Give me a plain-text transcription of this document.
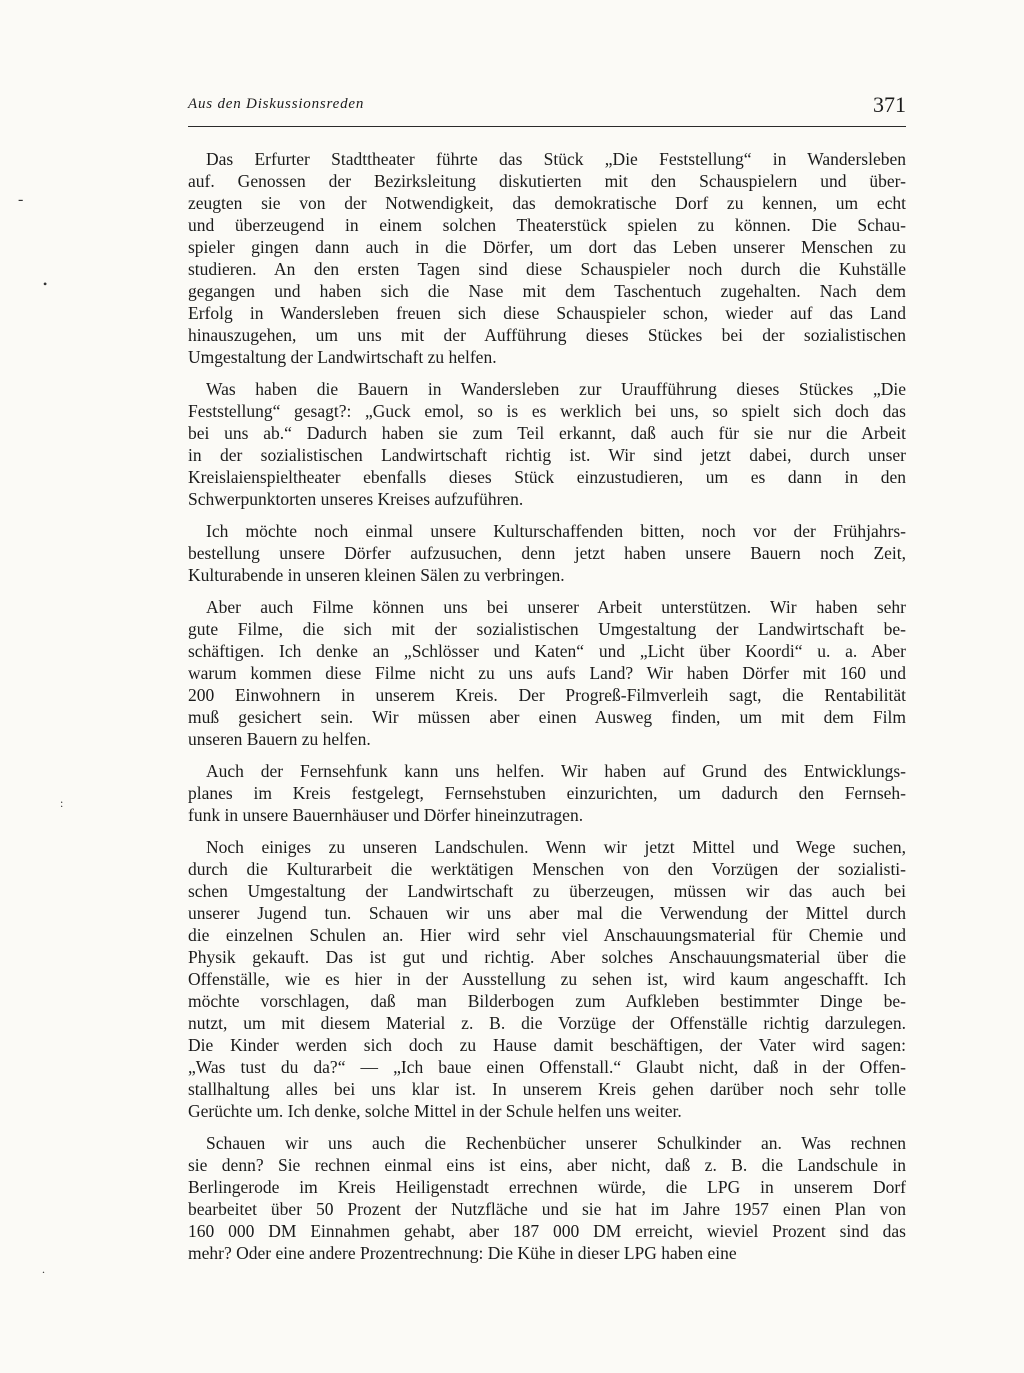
Aus den Diskussionsreden	371
-
•
:
.

Das Erfurter Stadttheater führte das Stück „Die Feststellung“ in Wandersleben
auf. Genossen der Bezirksleitung diskutierten mit den Schauspielern und über-
zeugten sie von der Notwendigkeit, das demokratische Dorf zu kennen, um echt
und überzeugend in einem solchen Theaterstück spielen zu können. Die Schau-
spieler gingen dann auch in die Dörfer, um dort das Leben unserer Menschen zu
studieren. An den ersten Tagen sind diese Schauspieler noch durch die Kuhställe
gegangen und haben sich die Nase mit dem Taschentuch zugehalten. Nach dem
Erfolg in Wandersleben freuen sich diese Schauspieler schon, wieder auf das Land
hinauszugehen, um uns mit der Aufführung dieses Stückes bei der sozialistischen
Umgestaltung der Landwirtschaft zu helfen.

Was haben die Bauern in Wandersleben zur Uraufführung dieses Stückes „Die
Feststellung“ gesagt?: „Guck emol, so is es werklich bei uns, so spielt sich doch das
bei uns ab.“ Dadurch haben sie zum Teil erkannt, daß auch für sie nur die Arbeit
in der sozialistischen Landwirtschaft richtig ist. Wir sind jetzt dabei, durch unser
Kreislaienspieltheater ebenfalls dieses Stück einzustudieren, um es dann in den
Schwerpunktorten unseres Kreises aufzuführen.

Ich möchte noch einmal unsere Kulturschaffenden bitten, noch vor der Frühjahrs-
bestellung unsere Dörfer aufzusuchen, denn jetzt haben unsere Bauern noch Zeit,
Kulturabende in unseren kleinen Sälen zu verbringen.

Aber auch Filme können uns bei unserer Arbeit unterstützen. Wir haben sehr
gute Filme, die sich mit der sozialistischen Umgestaltung der Landwirtschaft be-
schäftigen. Ich denke an „Schlösser und Katen“ und „Licht über Koordi“ u. a. Aber
warum kommen diese Filme nicht zu uns aufs Land? Wir haben Dörfer mit 160 und
200 Einwohnern in unserem Kreis. Der Progreß-Filmverleih sagt, die Rentabilität
muß gesichert sein. Wir müssen aber einen Ausweg finden, um mit dem Film
unseren Bauern zu helfen.

Auch der Fernsehfunk kann uns helfen. Wir haben auf Grund des Entwicklungs-
planes im Kreis festgelegt, Fernsehstuben einzurichten, um dadurch den Fernseh-
funk in unsere Bauernhäuser und Dörfer hineinzutragen.

Noch einiges zu unseren Landschulen. Wenn wir jetzt Mittel und Wege suchen,
durch die Kulturarbeit die werktätigen Menschen von den Vorzügen der sozialisti-
schen Umgestaltung der Landwirtschaft zu überzeugen, müssen wir das auch bei
unserer Jugend tun. Schauen wir uns aber mal die Verwendung der Mittel durch
die einzelnen Schulen an. Hier wird sehr viel Anschauungsmaterial für Chemie und
Physik gekauft. Das ist gut und richtig. Aber solches Anschauungsmaterial über die
Offenställe, wie es hier in der Ausstellung zu sehen ist, wird kaum angeschafft. Ich
möchte vorschlagen, daß man Bilderbogen zum Aufkleben bestimmter Dinge be-
nutzt, um mit diesem Material z. B. die Vorzüge der Offenställe richtig darzulegen.
Die Kinder werden sich doch zu Hause damit beschäftigen, der Vater wird sagen:
„Was tust du da?“ — „Ich baue einen Offenstall.“ Glaubt nicht, daß in der Offen-
stallhaltung alles bei uns klar ist. In unserem Kreis gehen darüber noch sehr tolle
Gerüchte um. Ich denke, solche Mittel in der Schule helfen uns weiter.

Schauen wir uns auch die Rechenbücher unserer Schulkinder an. Was rechnen
sie denn? Sie rechnen einmal eins ist eins, aber nicht, daß z. B. die Landschule in
Berlingerode im Kreis Heiligenstadt errechnen würde, die LPG in unserem Dorf
bearbeitet über 50 Prozent der Nutzfläche und sie hat im Jahre 1957 einen Plan von
160 000 DM Einnahmen gehabt, aber 187 000 DM erreicht, wieviel Prozent sind das
mehr? Oder eine andere Prozentrechnung: Die Kühe in dieser LPG haben eine
